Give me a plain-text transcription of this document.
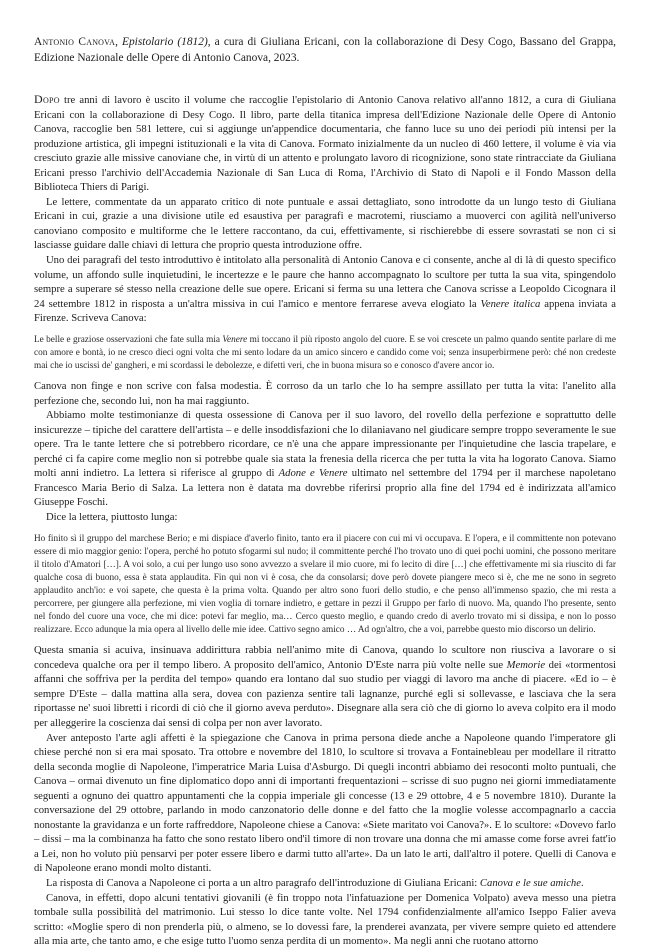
Antonio Canova, Epistolario (1812), a cura di Giuliana Ericani, con la collaborazione di Desy Cogo, Bassano del Grappa, Edizione Nazionale delle Opere di Antonio Canova, 2023.

Dopo tre anni di lavoro è uscito il volume che raccoglie l'epistolario di Antonio Canova relativo all'anno 1812, a cura di Giuliana Ericani con la collaborazione di Desy Cogo. Il libro, parte della titanica impresa dell'Edizione Nazionale delle Opere di Antonio Canova, raccoglie ben 581 lettere, cui si aggiunge un'appendice documentaria, che fanno luce su uno dei periodi più intensi per la produzione artistica, gli impegni istituzionali e la vita di Canova. Formato inizialmente da un nucleo di 460 lettere, il volume è via via cresciuto grazie alle missive canoviane che, in virtù di un attento e prolungato lavoro di ricognizione, sono state rintracciate da Giuliana Ericani presso l'archivio dell'Accademia Nazionale di San Luca di Roma, l'Archivio di Stato di Napoli e il Fondo Masson della Biblioteca Thiers di Parigi.

Le lettere, commentate da un apparato critico di note puntuale e assai dettagliato, sono introdotte da un lungo testo di Giuliana Ericani in cui, grazie a una divisione utile ed esaustiva per paragrafi e macrotemi, riusciamo a muoverci con agilità nell'universo canoviano composito e multiforme che le lettere raccontano, da cui, effettivamente, si rischierebbe di essere sovrastati se non ci si lasciasse guidare dalle chiavi di lettura che proprio questa introduzione offre.

Uno dei paragrafi del testo introduttivo è intitolato alla personalità di Antonio Canova e ci consente, anche al di là di questo specifico volume, un affondo sulle inquietudini, le incertezze e le paure che hanno accompagnato lo scultore per tutta la sua vita, spingendolo sempre a superare sé stesso nella creazione delle sue opere. Ericani si ferma su una lettera che Canova scrisse a Leopoldo Cicognara il 24 settembre 1812 in risposta a un'altra missiva in cui l'amico e mentore ferrarese aveva elogiato la Venere italica appena inviata a Firenze. Scriveva Canova:

Le belle e graziose osservazioni che fate sulla mia Venere mi toccano il più riposto angolo del cuore. E se voi crescete un palmo quando sentite parlare di me con amore e bontà, io ne cresco dieci ogni volta che mi sento lodare da un amico sincero e candido come voi; senza insuperbirmene però: ché non credeste mai che io uscissi de' gangheri, e mi scordassi le debolezze, e difetti veri, che in buona misura so e conosco d'avere ancor io.

Canova non finge e non scrive con falsa modestia. È corroso da un tarlo che lo ha sempre assillato per tutta la vita: l'anelito alla perfezione che, secondo lui, non ha mai raggiunto.

Abbiamo molte testimonianze di questa ossessione di Canova per il suo lavoro, del rovello della perfezione e soprattutto delle insicurezze – tipiche del carattere dell'artista – e delle insoddisfazioni che lo dilaniavano nel giudicare sempre troppo severamente le sue opere. Tra le tante lettere che si potrebbero ricordare, ce n'è una che appare impressionante per l'inquietudine che lascia trapelare, e perché ci fa capire come meglio non si potrebbe quale sia stata la frenesia della ricerca che per tutta la vita ha logorato Canova. Siamo molti anni indietro. La lettera si riferisce al gruppo di Adone e Venere ultimato nel settembre del 1794 per il marchese napoletano Francesco Maria Berio di Salza. La lettera non è datata ma dovrebbe riferirsi proprio alla fine del 1794 ed è indirizzata all'amico Giuseppe Foschi.

Dice la lettera, piuttosto lunga:

Ho finito sì il gruppo del marchese Berio; e mi dispiace d'averlo finito, tanto era il piacere con cui mi vi occupava. E l'opera, e il committente non potevano essere di mio maggior genio: l'opera, perché ho potuto sfogarmi sul nudo; il committente perché l'ho trovato uno di quei pochi uomini, che possono meritare il titolo d'Amatori […]. A voi solo, a cui per lungo uso sono avvezzo a svelare il mio cuore, mi fo lecito di dire […] che effettivamente mi sia riuscito di far qualche cosa di buono, essa è stata applaudita. Fin qui non vi è cosa, che da consolarsi; dove però dovete piangere meco si è, che me ne sono in segreto applaudito anch'io: e voi sapete, che questa è la prima volta. Quando per altro sono fuori dello studio, e che penso all'immenso spazio, che mi resta a percorrere, per giungere alla perfezione, mi vien voglia di tornare indietro, e gettare in pezzi il Gruppo per farlo di nuovo. Ma, quando l'ho presente, sento nel fondo del cuore una voce, che mi dice: potevi far meglio, ma… Cerco questo meglio, e quando credo di averlo trovato mi si dissipa, e non lo posso realizzare. Ecco adunque la mia opera al livello delle mie idee. Cattivo segno amico … Ad ogn'altro, che a voi, parrebbe questo mio discorso un delirio.

Questa smania si acuiva, insinuava addirittura rabbia nell'animo mite di Canova, quando lo scultore non riusciva a lavorare o si concedeva qualche ora per il tempo libero. A proposito dell'amico, Antonio D'Este narra più volte nelle sue Memorie dei «tormentosi affanni che soffriva per la perdita del tempo» quando era lontano dal suo studio per viaggi di lavoro ma anche di piacere. «Ed io – è sempre D'Este – dalla mattina alla sera, dovea con pazienza sentire tali lagnanze, purché egli si sollevasse, e lasciava che la sera riportasse ne' suoi libretti i ricordi di ciò che il giorno aveva perduto». Disegnare alla sera ciò che di giorno lo aveva colpito era il modo per alleggerire la coscienza dai sensi di colpa per non aver lavorato.

Aver anteposto l'arte agli affetti è la spiegazione che Canova in prima persona diede anche a Napoleone quando l'imperatore gli chiese perché non si era mai sposato. Tra ottobre e novembre del 1810, lo scultore si trovava a Fontainebleau per modellare il ritratto della seconda moglie di Napoleone, l'imperatrice Maria Luisa d'Asburgo. Di quegli incontri abbiamo dei resoconti molto puntuali, che Canova – ormai divenuto un fine diplomatico dopo anni di importanti frequentazioni – scrisse di suo pugno nei giorni immediatamente seguenti a ognuno dei quattro appuntamenti che la coppia imperiale gli concesse (13 e 29 ottobre, 4 e 5 novembre 1810). Durante la conversazione del 29 ottobre, parlando in modo canzonatorio delle donne e del fatto che la moglie volesse accompagnarlo a caccia nonostante la gravidanza e un forte raffreddore, Napoleone chiese a Canova: «Siete maritato voi Canova?». E lo scultore: «Dovevo farlo – dissi – ma la combinanza ha fatto che sono restato libero ond'il timore di non trovare una donna che mi amasse come forse avrei fatt'io a Lei, non ho voluto più pensarvi per poter essere libero e darmi tutto all'arte». Da un lato le arti, dall'altro il potere. Quelli di Canova e di Napoleone erano mondi molto distanti.

La risposta di Canova a Napoleone ci porta a un altro paragrafo dell'introduzione di Giuliana Ericani: Canova e le sue amiche.

Canova, in effetti, dopo alcuni tentativi giovanili (è fin troppo nota l'infatuazione per Domenica Volpato) aveva messo una pietra tombale sulla possibilità del matrimonio. Lui stesso lo dice tante volte. Nel 1794 confidenzialmente all'amico Iseppo Falier aveva scritto: «Moglie spero di non prenderla più, o almeno, se lo dovessi fare, la prenderei avanzata, per vivere sempre quieto ed attendere alla mia arte, che tanto amo, e che esige tutto l'uomo senza perdita di un momento». Ma negli anni che ruotano attorno
